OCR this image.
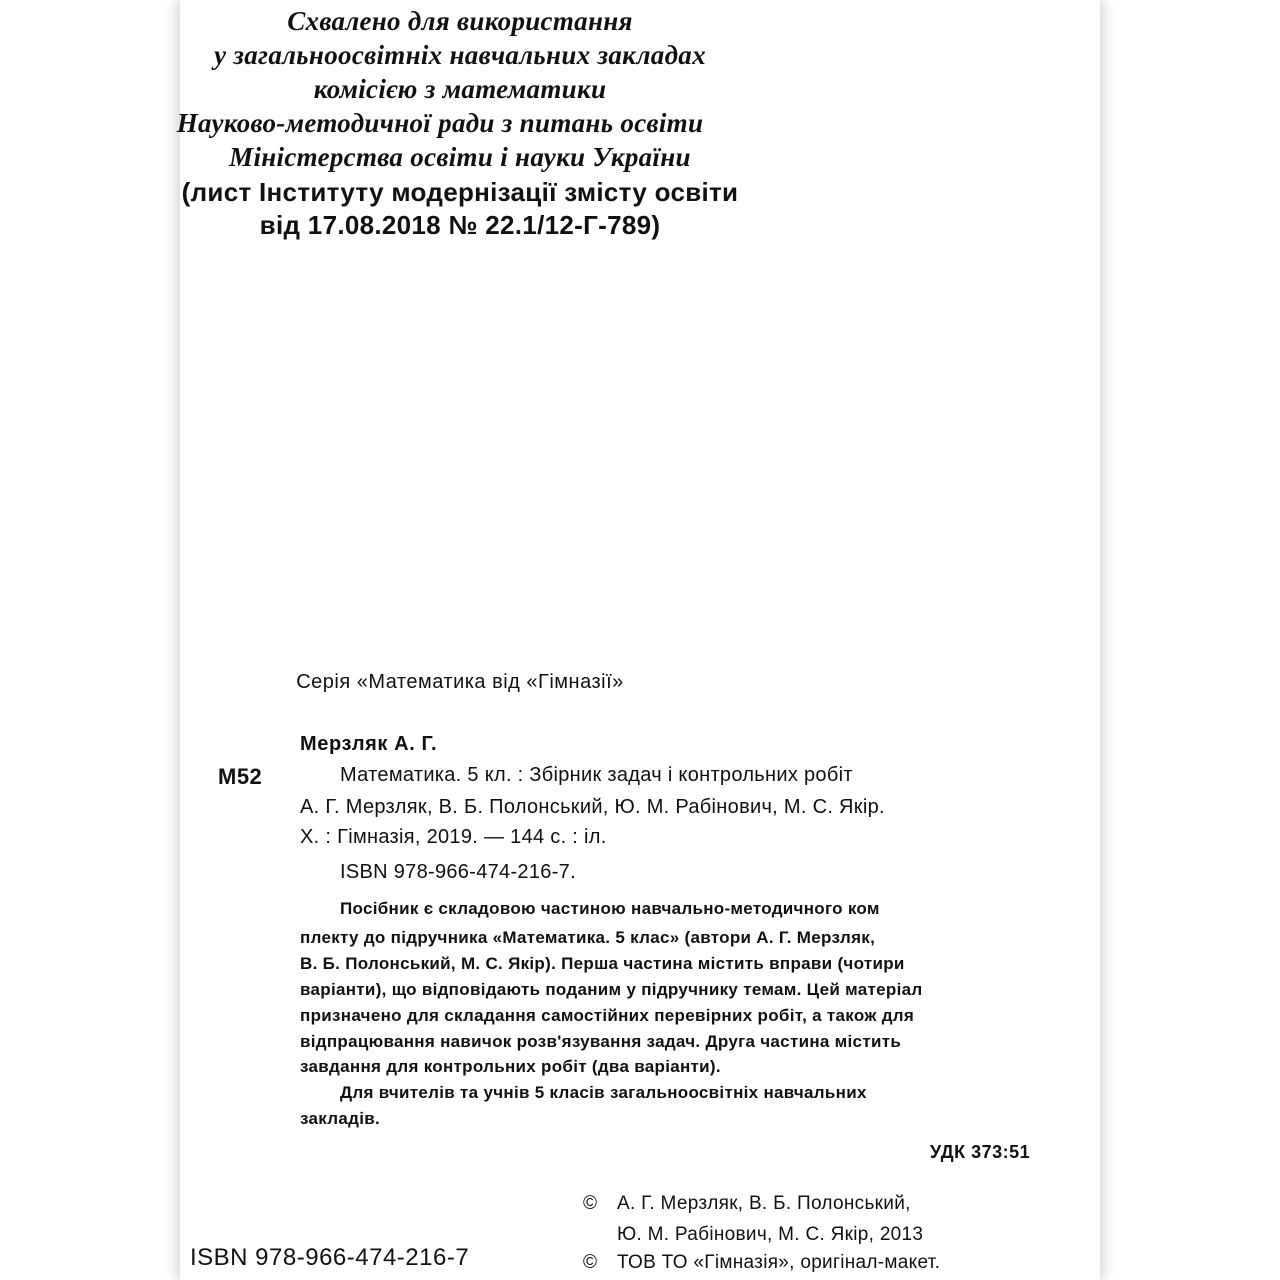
Схвалено для використання
у загальноосвітніх навчальних закладах
комісією з математики
Науково-методичної ради з питань освіти
Міністерства освіти і науки України
(лист Інституту модернізації змісту освіти
від 17.08.2018 № 22.1/12-Г-789)
Серія «Математика від «Гімназії»
Мерзляк А. Г.
М52	Математика. 5 кл. : Збірник задач і контрольних робіт
А. Г. Мерзляк, В. Б. Полонський, Ю. М. Рабінович, М. С. Якір.
Х. : Гімназія, 2019. — 144 с. : іл.
ISBN 978-966-474-216-7.
Посібник є складовою частиною навчально-методичного ком
плекту до підручника «Математика. 5 клас» (автори А. Г. Мерзляк,
В. Б. Полонський, М. С. Якір). Перша частина містить вправи (чотири
варіанти), що відповідають поданим у підручнику темам. Цей матеріал
призначено для складання самостійних перевірних робіт, а також для
відпрацювання навичок розв'язування задач. Друга частина містить
завдання для контрольних робіт (два варіанти).
Для вчителів та учнів 5 класів загальноосвітніх навчальних
закладів.
УДК 373:51
© А. Г. Мерзляк, В. Б. Полонський,
Ю. М. Рабінович, М. С. Якір, 2013
© ТОВ ТО «Гімназія», оригінал-макет.
ISBN 978-966-474-216-7
